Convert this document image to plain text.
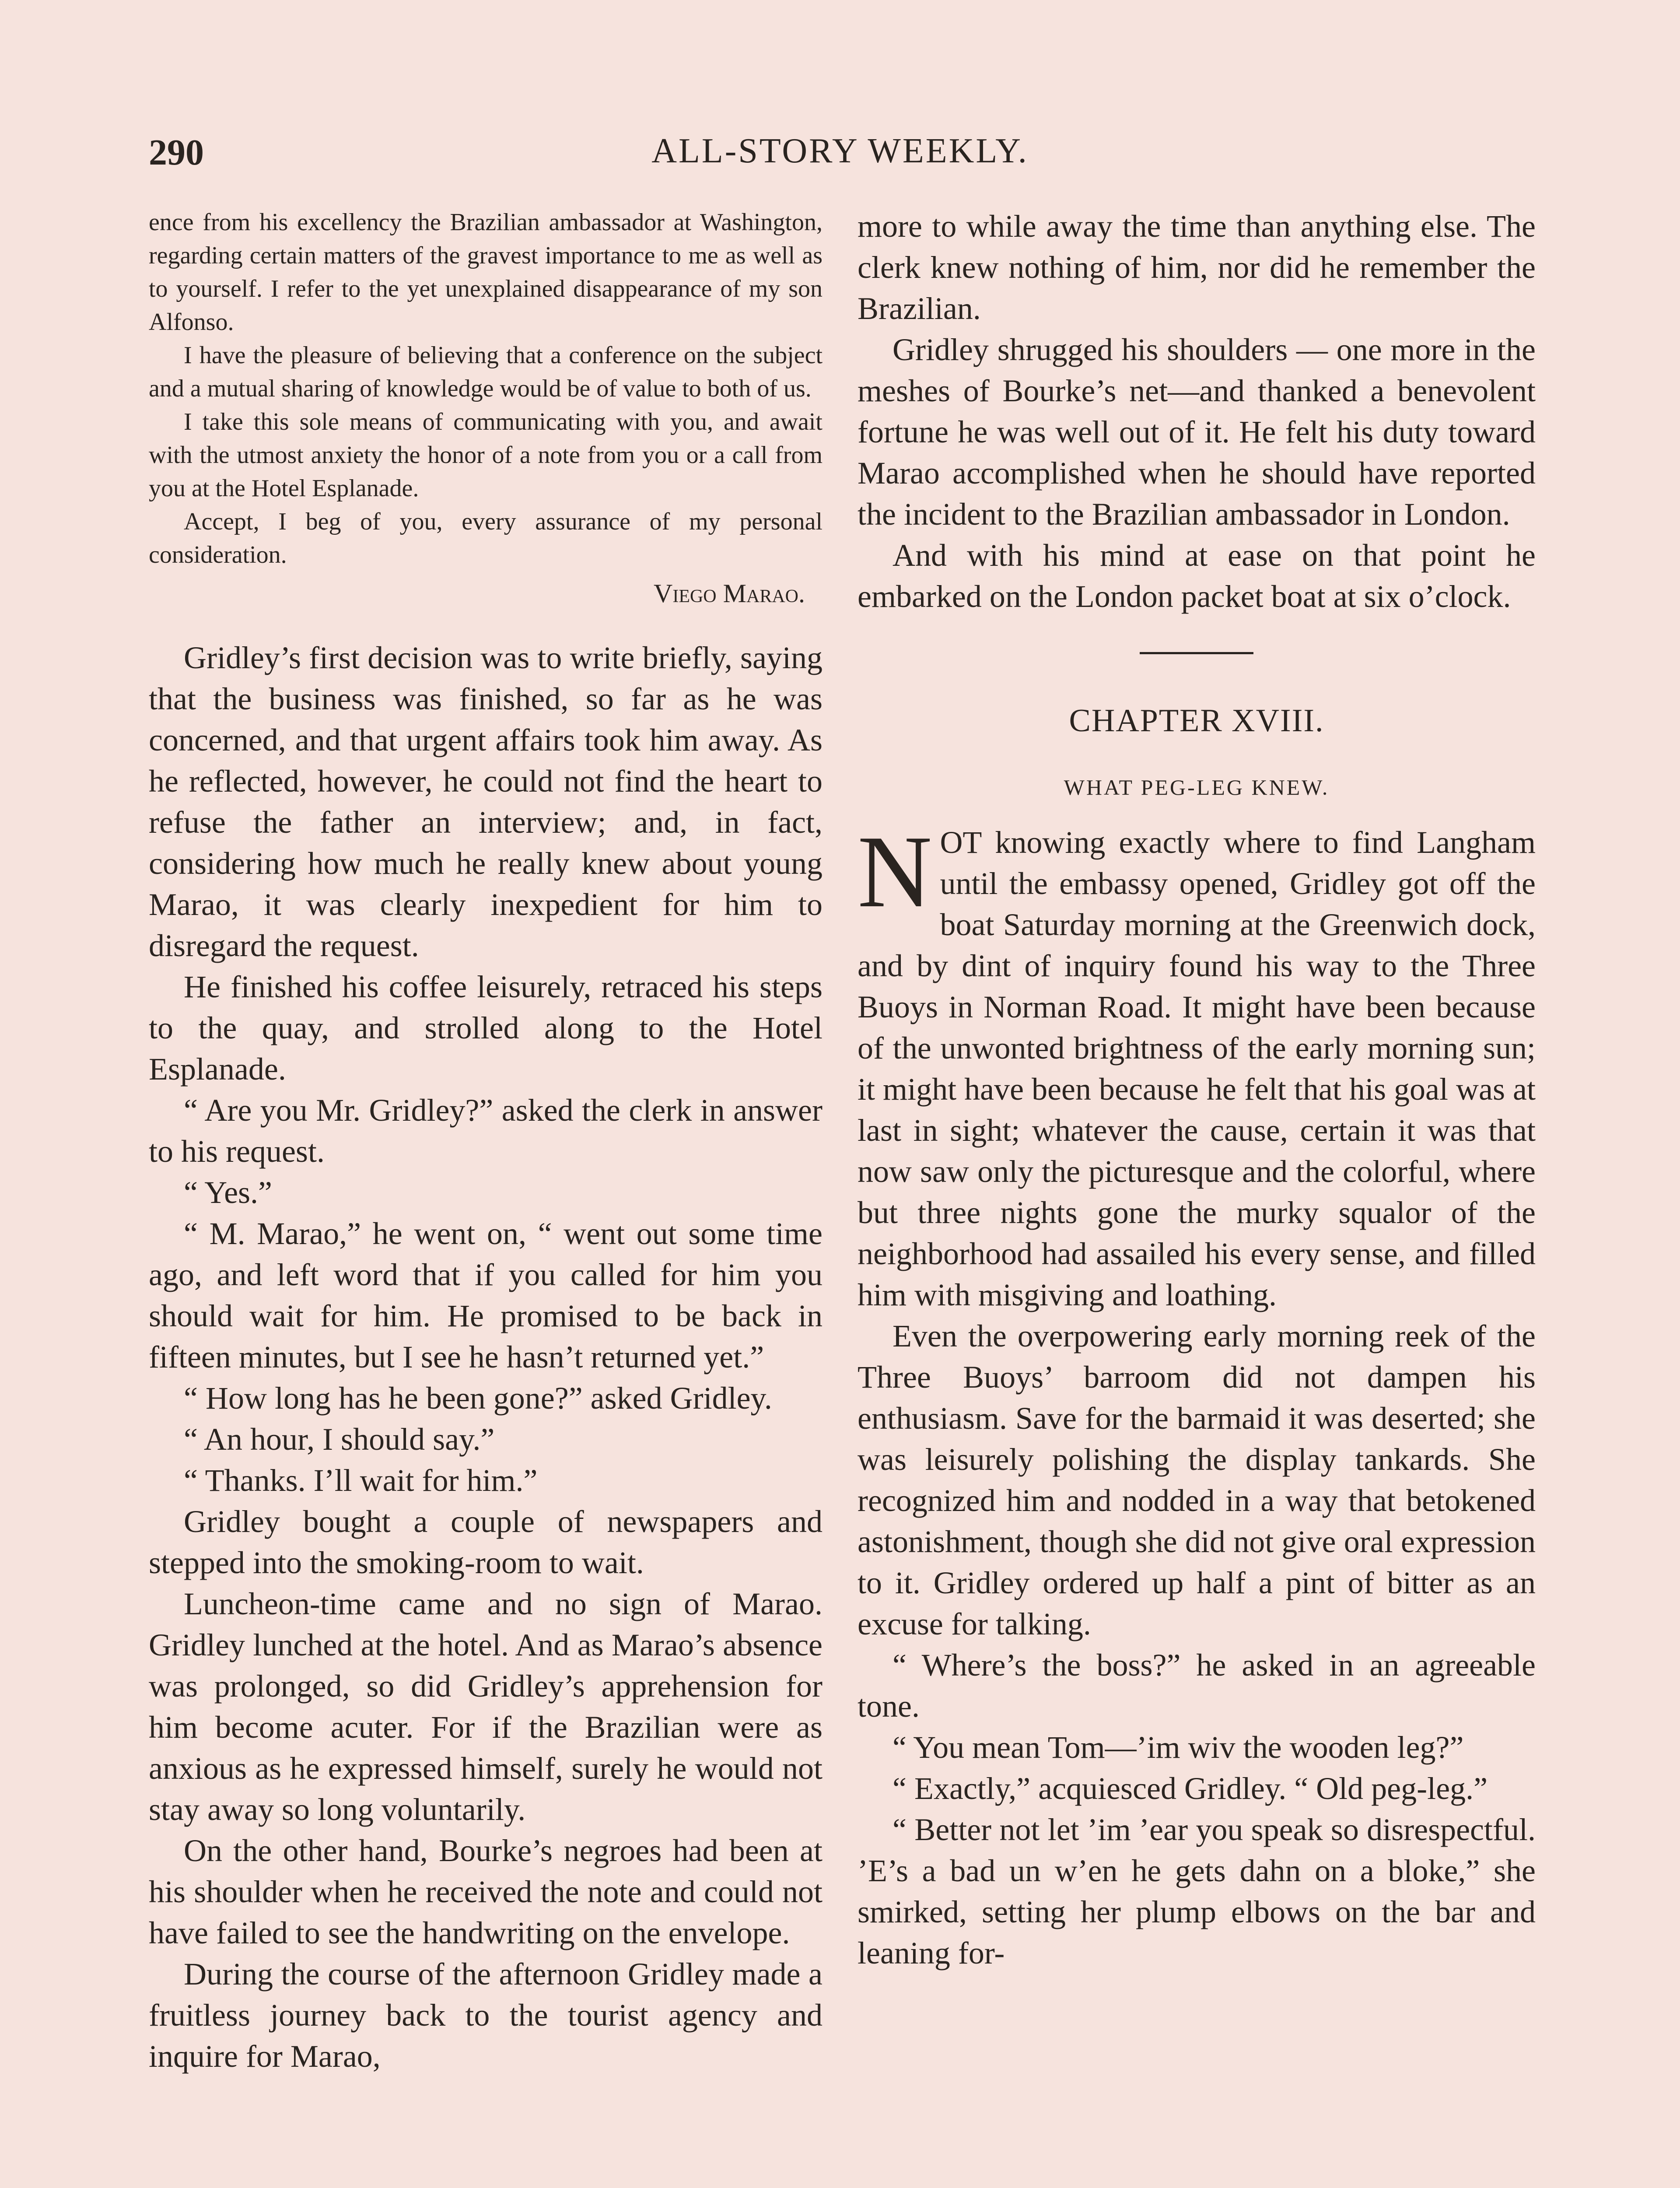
290	ALL-STORY WEEKLY.

ence from his excellency the Brazilian ambassador at Washington, regarding certain matters of the gravest importance to me as well as to yourself. I refer to the yet unexplained disappearance of my son Alfonso.

I have the pleasure of believing that a conference on the subject and a mutual sharing of knowledge would be of value to both of us.

I take this sole means of communicating with you, and await with the utmost anxiety the honor of a note from you or a call from you at the Hotel Esplanade.

Accept, I beg of you, every assurance of my personal consideration.

Viego Marao.

Gridley’s first decision was to write briefly, saying that the business was finished, so far as he was concerned, and that urgent affairs took him away. As he reflected, however, he could not find the heart to refuse the father an interview; and, in fact, considering how much he really knew about young Marao, it was clearly inexpedient for him to disregard the request.

He finished his coffee leisurely, retraced his steps to the quay, and strolled along to the Hotel Esplanade.

“ Are you Mr. Gridley?” asked the clerk in answer to his request.

“ Yes.”

“ M. Marao,” he went on, “ went out some time ago, and left word that if you called for him you should wait for him. He promised to be back in fifteen minutes, but I see he hasn’t returned yet.”

“ How long has he been gone?” asked Gridley.

“ An hour, I should say.”

“ Thanks. I’ll wait for him.”

Gridley bought a couple of newspapers and stepped into the smoking-room to wait.

Luncheon-time came and no sign of Marao. Gridley lunched at the hotel. And as Marao’s absence was prolonged, so did Gridley’s apprehension for him become acuter. For if the Brazilian were as anxious as he expressed himself, surely he would not stay away so long voluntarily.

On the other hand, Bourke’s negroes had been at his shoulder when he received the note and could not have failed to see the handwriting on the envelope.

During the course of the afternoon Gridley made a fruitless journey back to the tourist agency and inquire for Marao,

more to while away the time than anything else. The clerk knew nothing of him, nor did he remember the Brazilian.

Gridley shrugged his shoulders — one more in the meshes of Bourke’s net—and thanked a benevolent fortune he was well out of it. He felt his duty toward Marao accomplished when he should have reported the incident to the Brazilian ambassador in London.

And with his mind at ease on that point he embarked on the London packet boat at six o’clock.

CHAPTER XVIII.
WHAT PEG-LEG KNEW.

NOT knowing exactly where to find Langham until the embassy opened, Gridley got off the boat Saturday morning at the Greenwich dock, and by dint of inquiry found his way to the Three Buoys in Norman Road. It might have been because of the unwonted brightness of the early morning sun; it might have been because he felt that his goal was at last in sight; whatever the cause, certain it was that now saw only the picturesque and the colorful, where but three nights gone the murky squalor of the neighborhood had assailed his every sense, and filled him with misgiving and loathing.

Even the overpowering early morning reek of the Three Buoys’ barroom did not dampen his enthusiasm. Save for the barmaid it was deserted; she was leisurely polishing the display tankards. She recognized him and nodded in a way that betokened astonishment, though she did not give oral expression to it. Gridley ordered up half a pint of bitter as an excuse for talking.

“ Where’s the boss?” he asked in an agreeable tone.

“ You mean Tom—’im wiv the wooden leg?”

“ Exactly,” acquiesced Gridley. “ Old peg-leg.”

“ Better not let ’im ’ear you speak so disrespectful. ’E’s a bad un w’en he gets dahn on a bloke,” she smirked, setting her plump elbows on the bar and leaning for-
